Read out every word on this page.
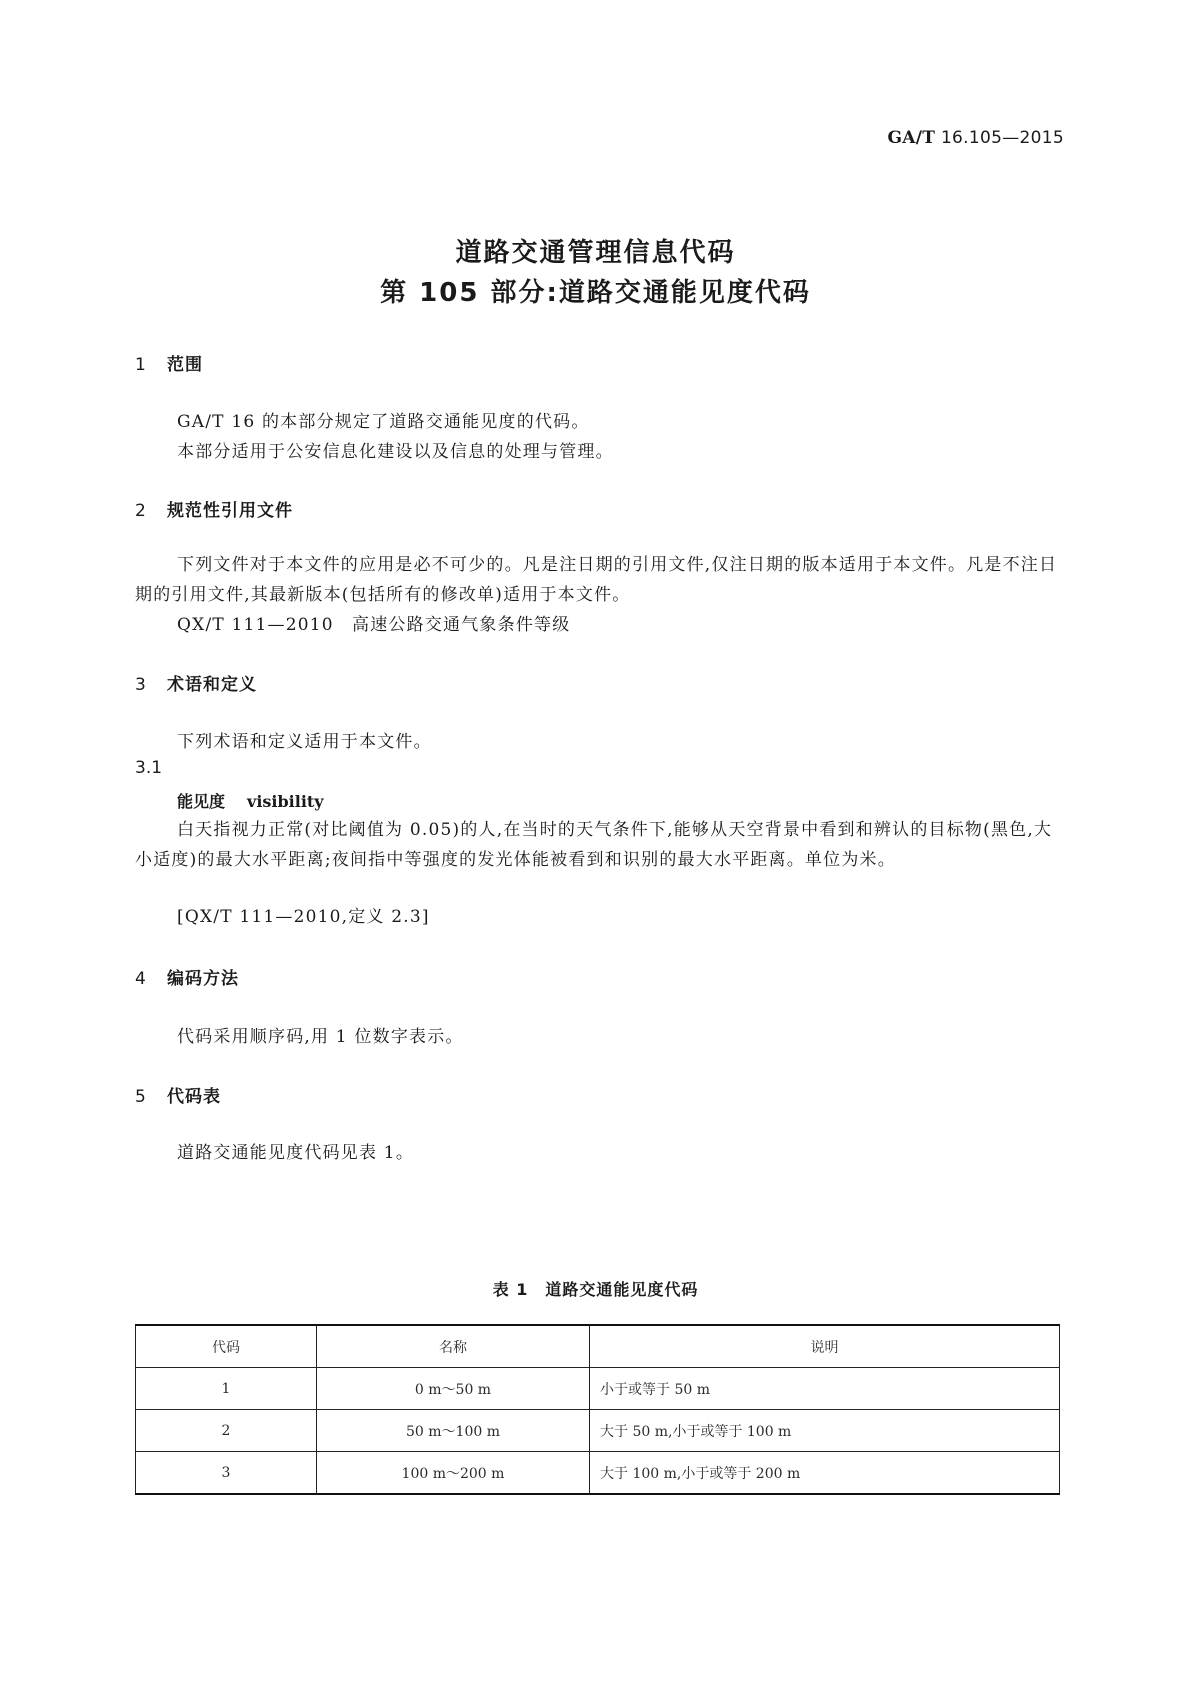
GA/T 16.105—2015
道路交通管理信息代码
第 105 部分:道路交通能见度代码
1 范围
GA/T 16 的本部分规定了道路交通能见度的代码。
本部分适用于公安信息化建设以及信息的处理与管理。
2 规范性引用文件
下列文件对于本文件的应用是必不可少的。凡是注日期的引用文件,仅注日期的版本适用于本文件。凡是不注日期的引用文件,其最新版本(包括所有的修改单)适用于本文件。
QX/T 111—2010　高速公路交通气象条件等级
3 术语和定义
下列术语和定义适用于本文件。
3.1
能见度 visibility
白天指视力正常(对比阈值为 0.05)的人,在当时的天气条件下,能够从天空背景中看到和辨认的目标物(黑色,大小适度)的最大水平距离;夜间指中等强度的发光体能被看到和识别的最大水平距离。单位为米。
[QX/T 111—2010,定义 2.3]
4 编码方法
代码采用顺序码,用 1 位数字表示。
5 代码表
道路交通能见度代码见表 1。
表 1　道路交通能见度代码
代码	名称	说明
1	0 m～50 m	小于或等于 50 m
2	50 m～100 m	大于 50 m,小于或等于 100 m
3	100 m～200 m	大于 100 m,小于或等于 200 m
